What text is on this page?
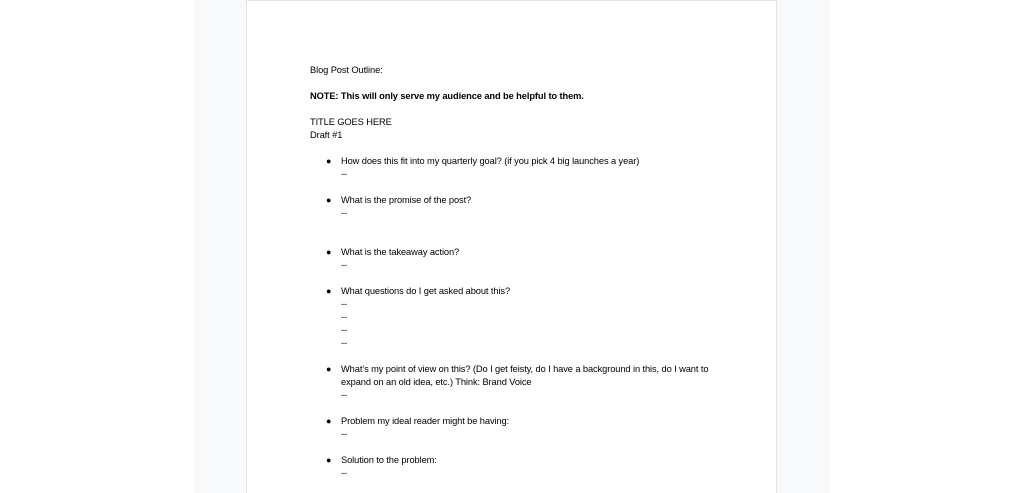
Blog Post Outline:
NOTE: This will only serve my audience and be helpful to them.
TITLE GOES HERE
Draft #1
● How does this fit into my quarterly goal? (if you pick 4 big launches a year)
--
● What is the promise of the post?
--
● What is the takeaway action?
--
● What questions do I get asked about this?
--
--
--
--
● What’s my point of view on this? (Do I get feisty, do I have a background in this, do I want to expand on an old idea, etc.) Think: Brand Voice
--
● Problem my ideal reader might be having:
--
● Solution to the problem:
--
